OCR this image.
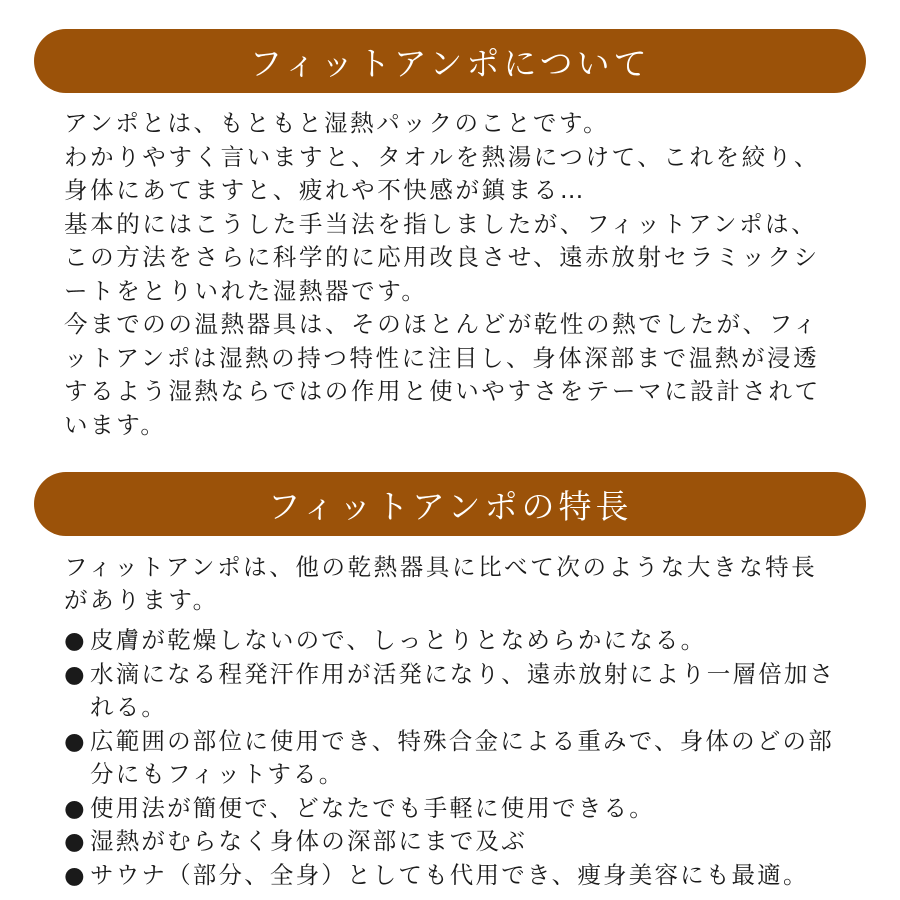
フィットアンポについて

アンポとは、もともと湿熱パックのことです。

わかりやすく言いますと、タオルを熱湯につけて、これを絞り、身体にあてますと、疲れや不快感が鎮まる…

基本的にはこうした手当法を指しましたが、フィットアンポは、この方法をさらに科学的に応用改良させ、遠赤放射セラミックシートをとりいれた湿熱器です。

今までのの温熱器具は、そのほとんどが乾性の熱でしたが、フィットアンポは湿熱の持つ特性に注目し、身体深部まで温熱が浸透するよう湿熱ならではの作用と使いやすさをテーマに設計されています。

フィットアンポの特長

フィットアンポは、他の乾熱器具に比べて次のような大きな特長があります。

● 皮膚が乾燥しないので、しっとりとなめらかになる。
● 水滴になる程発汗作用が活発になり、遠赤放射により一層倍加される。
● 広範囲の部位に使用でき、特殊合金による重みで、身体のどの部分にもフィットする。
● 使用法が簡便で、どなたでも手軽に使用できる。
● 湿熱がむらなく身体の深部にまで及ぶ
● サウナ（部分、全身）としても代用でき、痩身美容にも最適。
